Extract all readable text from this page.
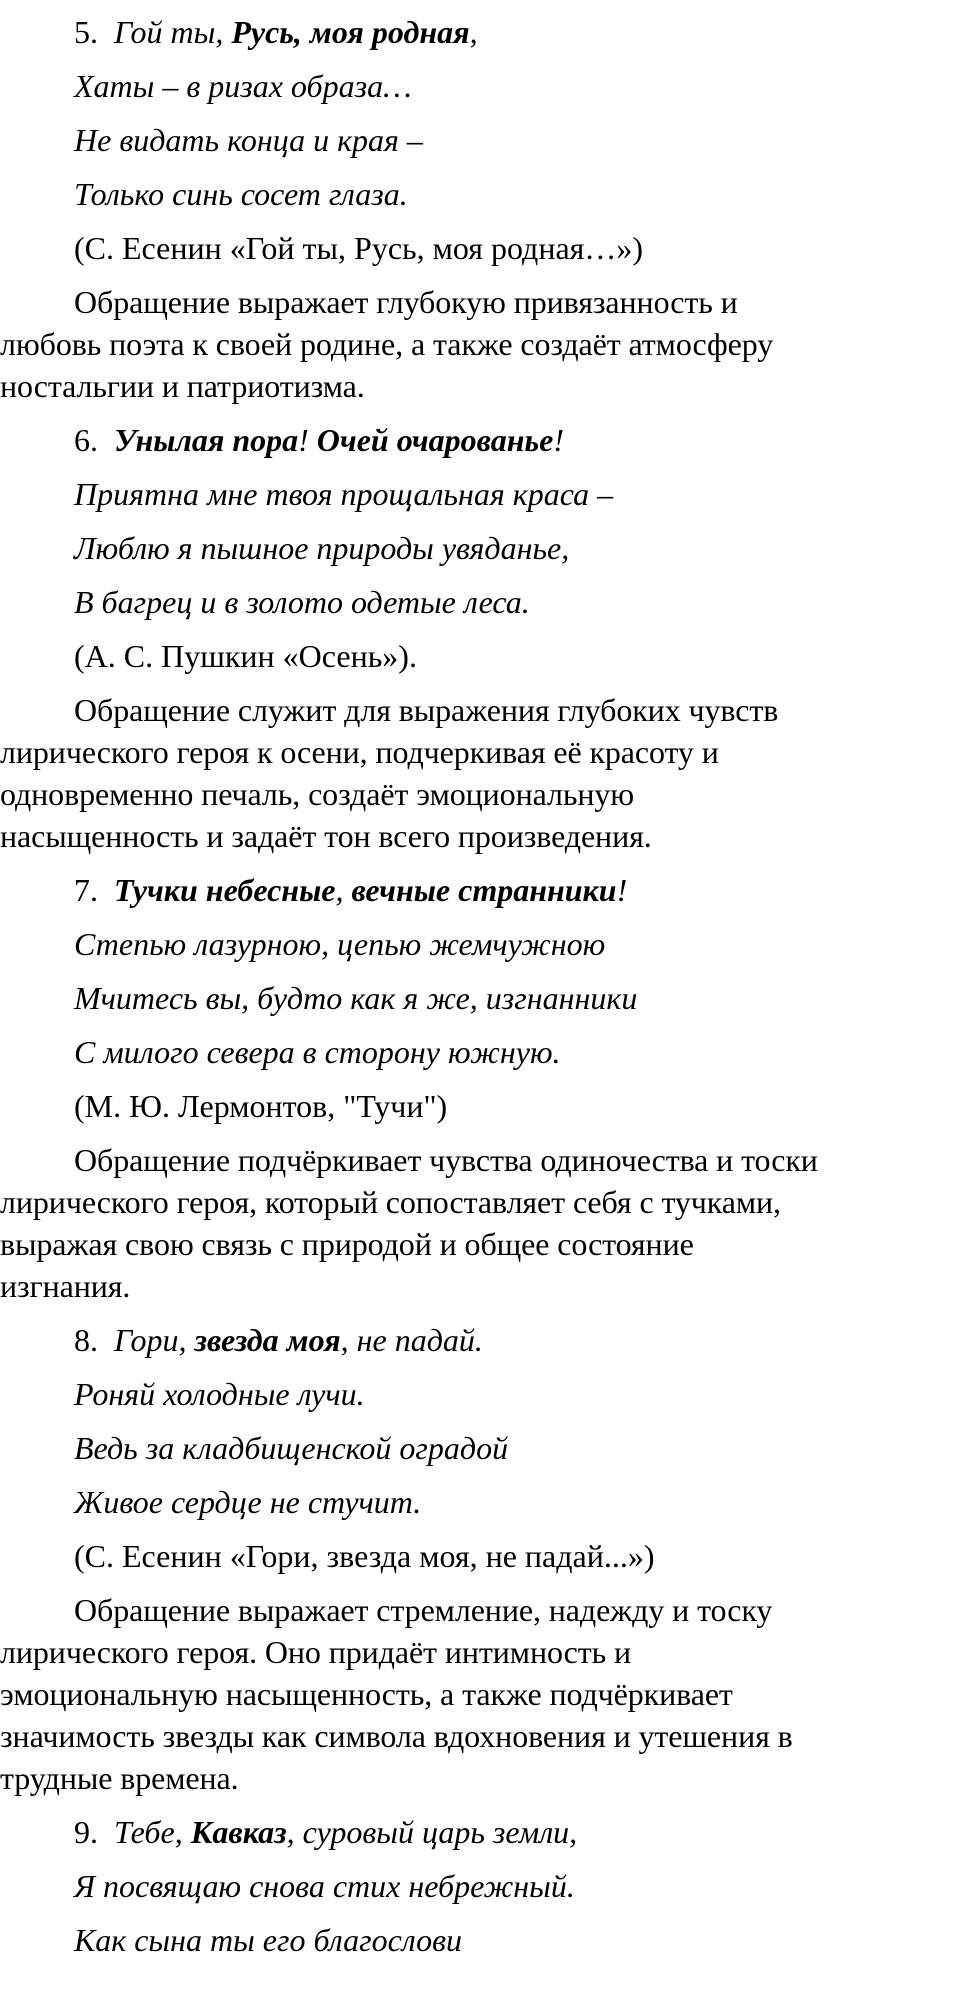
5.  Гой ты, Русь, моя родная,
Хаты – в ризах образа…
Не видать конца и края –
Только синь сосет глаза.
(С. Есенин «Гой ты, Русь, моя родная…»)
Обращение выражает глубокую привязанность и
любовь поэта к своей родине, а также создаёт атмосферу
ностальгии и патриотизма.
6.  Унылая пора! Очей очарованье!
Приятна мне твоя прощальная краса –
Люблю я пышное природы увяданье,
В багрец и в золото одетые леса.
(А. С. Пушкин «Осень»).
Обращение служит для выражения глубоких чувств
лирического героя к осени, подчеркивая её красоту и
одновременно печаль, создаёт эмоциональную
насыщенность и задаёт тон всего произведения.
7.  Тучки небесные, вечные странники!
Степью лазурною, цепью жемчужною
Мчитесь вы, будто как я же, изгнанники
С милого севера в сторону южную.
(М. Ю. Лермонтов, "Тучи")
Обращение подчёркивает чувства одиночества и тоски
лирического героя, который сопоставляет себя с тучками,
выражая свою связь с природой и общее состояние
изгнания.
8.  Гори, звезда моя, не падай.
Роняй холодные лучи.
Ведь за кладбищенской оградой
Живое сердце не стучит.
(С. Есенин «Гори, звезда моя, не падай...»)
Обращение выражает стремление, надежду и тоску
лирического героя. Оно придаёт интимность и
эмоциональную насыщенность, а также подчёркивает
значимость звезды как символа вдохновения и утешения в
трудные времена.
9.  Тебе, Кавказ, суровый царь земли,
Я посвящаю снова стих небрежный.
Как сына ты его благослови
